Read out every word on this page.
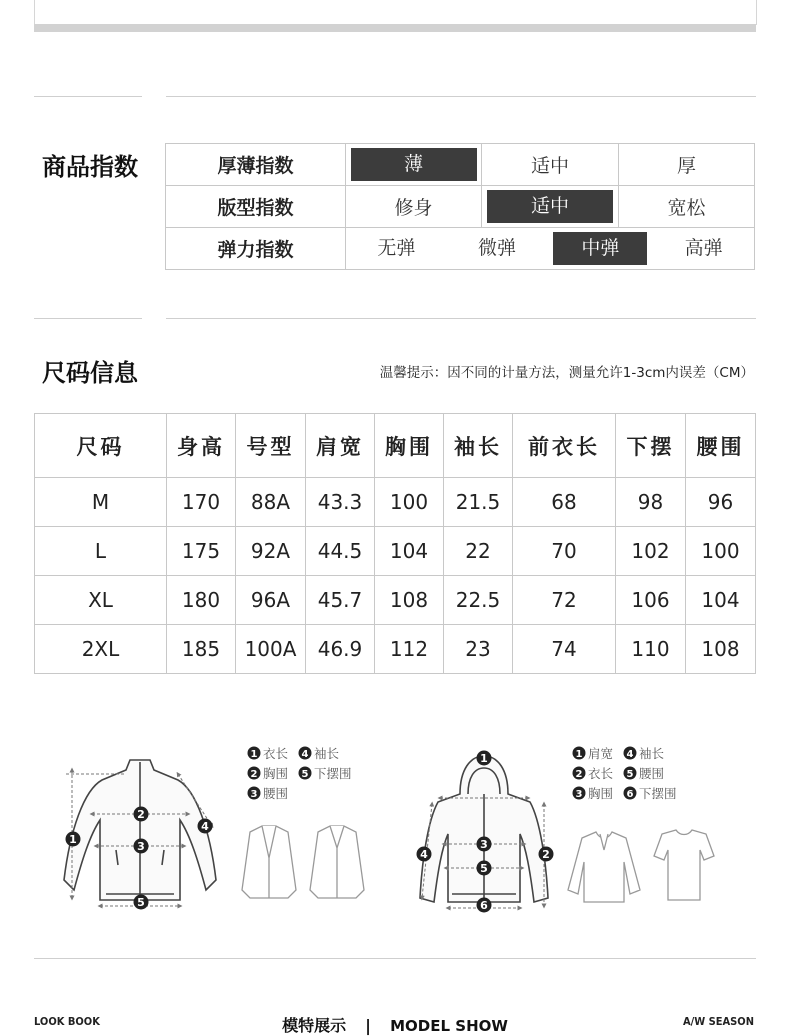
商品指数	厚薄指数	薄	适中	厚
版型指数	修身	适中	宽松
弹力指数	无弹 微弹 中弹 高弹		
尺码信息	温馨提示：因不同的计量方法，测量允许1-3cm内误差（CM）
尺码	身高	号型	肩宽	胸围	袖长	前衣长	下摆	腰围
M	170	88A	43.3	100	21.5	68	98	96
L	175	92A	44.5	104	22	70	102	100
XL	180	96A	45.7	108	22.5	72	106	104
2XL	185	100A	46.9	112	23	74	110	108
1
2
3
4
5
1 衣长 4 袖长
2 胸围 5 下摆围
3 腰围
1
2
3
4
5
6
1 肩宽 4 袖长
2 衣长 5 腰围
3 胸围 6 下摆围
LOOK BOOK	模特展示 | MODEL SHOW	A/W SEASON
